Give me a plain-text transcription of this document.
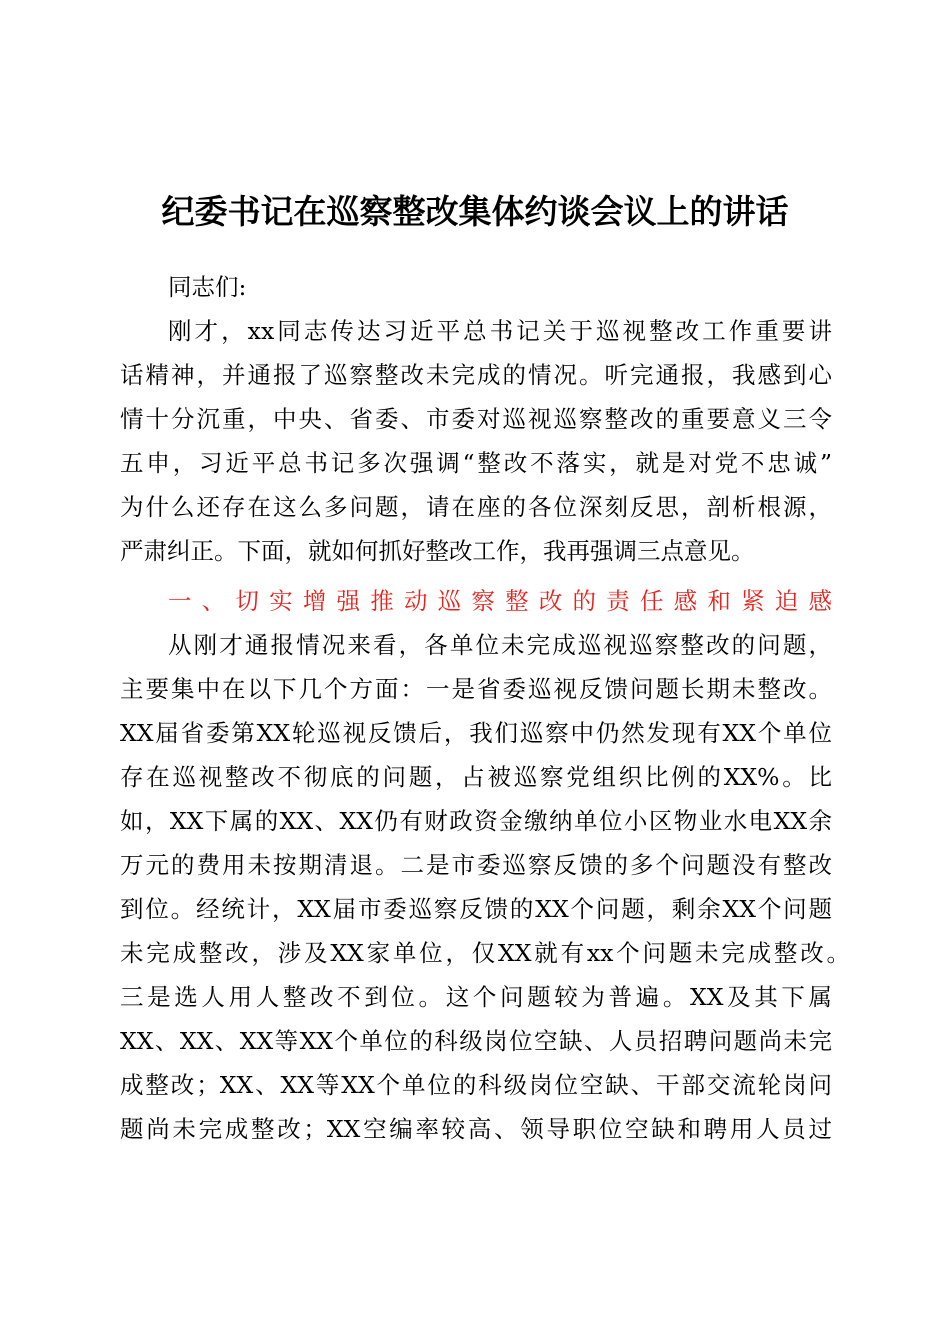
纪委书记在巡察整改集体约谈会议上的讲话

同志们:

刚才，xx同志传达习近平总书记关于巡视整改工作重要讲

话精神，并通报了巡察整改未完成的情况。听完通报，我感到心

情十分沉重，中央、省委、市委对巡视巡察整改的重要意义三令

五申，习近平总书记多次强调“整改不落实，就是对党不忠诚”

为什么还存在这么多问题，请在座的各位深刻反思，剖析根源，

严肃纠正。下面，就如何抓好整改工作，我再强调三点意见。

一、切实增强推动巡察整改的责任感和紧迫感

从刚才通报情况来看，各单位未完成巡视巡察整改的问题，

主要集中在以下几个方面：一是省委巡视反馈问题长期未整改。

XX届省委第XX轮巡视反馈后，我们巡察中仍然发现有XX个单位

存在巡视整改不彻底的问题，占被巡察党组织比例的XX%。比

如，XX下属的XX、XX仍有财政资金缴纳单位小区物业水电XX余

万元的费用未按期清退。二是市委巡察反馈的多个问题没有整改

到位。经统计，XX届市委巡察反馈的XX个问题，剩余XX个问题

未完成整改，涉及XX家单位，仅XX就有xx个问题未完成整改。

三是选人用人整改不到位。这个问题较为普遍。XX及其下属

XX、XX、XX等XX个单位的科级岗位空缺、人员招聘问题尚未完

成整改；XX、XX等XX个单位的科级岗位空缺、干部交流轮岗问

题尚未完成整改；XX空编率较高、领导职位空缺和聘用人员过
